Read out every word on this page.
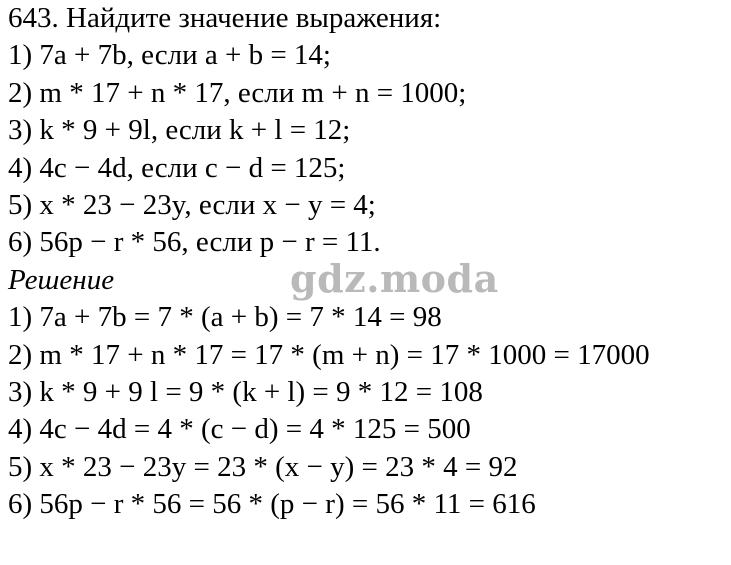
643. Найдите значение выражения:
1) 7a + 7b, если a + b = 14;
2) m * 17 + n * 17, если m + n = 1000;
3) k * 9 + 9l, если k + l = 12;
4) 4c − 4d, если c − d = 125;
5) x * 23 − 23y, если x − y = 4;
6) 56p − r * 56, если p − r = 11.
Решение
1) 7a + 7b = 7 * (a + b) = 7 * 14 = 98
2) m * 17 + n * 17 = 17 * (m + n) = 17 * 1000 = 17000
3) k * 9 + 9 l = 9 * (k + l) = 9 * 12 = 108
4) 4c − 4d = 4 * (c − d) = 4 * 125 = 500
5) x * 23 − 23y = 23 * (x − y) = 23 * 4 = 92
6) 56p − r * 56 = 56 * (p − r) = 56 * 11 = 616
gdz.moda
